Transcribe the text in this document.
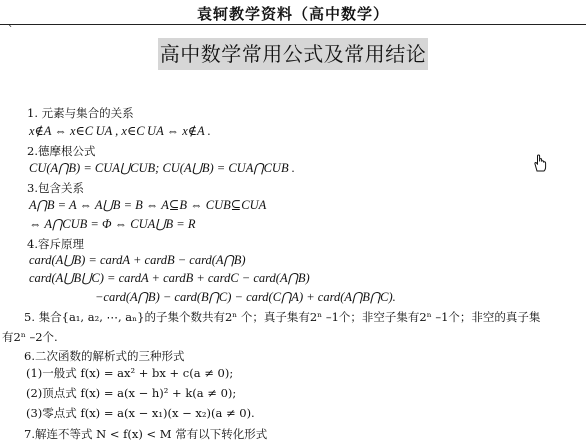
袁轲教学资料（高中数学）
`
高中数学常用公式及常用结论
1. 元素与集合的关系
x∉A ⇔ x∈C UA , x∈C UA ⇔ x∉A .
2.德摩根公式
CU(A⋂B) = CUA⋃CUB; CU(A⋃B) = CUA⋂CUB .
3.包含关系
A⋂B = A ⇔ A⋃B = B ⇔ A⊆B ⇔ CUB⊆CUA
⇔ A⋂CUB = Φ ⇔ CUA⋃B = R
4.容斥原理
card(A⋃B) = cardA + cardB − card(A⋂B)
card(A⋃B⋃C) = cardA + cardB + cardC − card(A⋂B)
−card(A⋂B) − card(B⋂C) − card(C⋂A) + card(A⋂B⋂C).
5. 集合{a₁, a₂, ⋯, aₙ}的子集个数共有2ⁿ 个；真子集有2ⁿ –1个；非空子集有2ⁿ –1个；非空的真子集
有2ⁿ –2个.
6.二次函数的解析式的三种形式
(1)一般式 f(x) = ax² + bx + c(a ≠ 0);
(2)顶点式 f(x) = a(x − h)² + k(a ≠ 0);
(3)零点式 f(x) = a(x − x₁)(x − x₂)(a ≠ 0).
7.解连不等式 N < f(x) < M 常有以下转化形式
